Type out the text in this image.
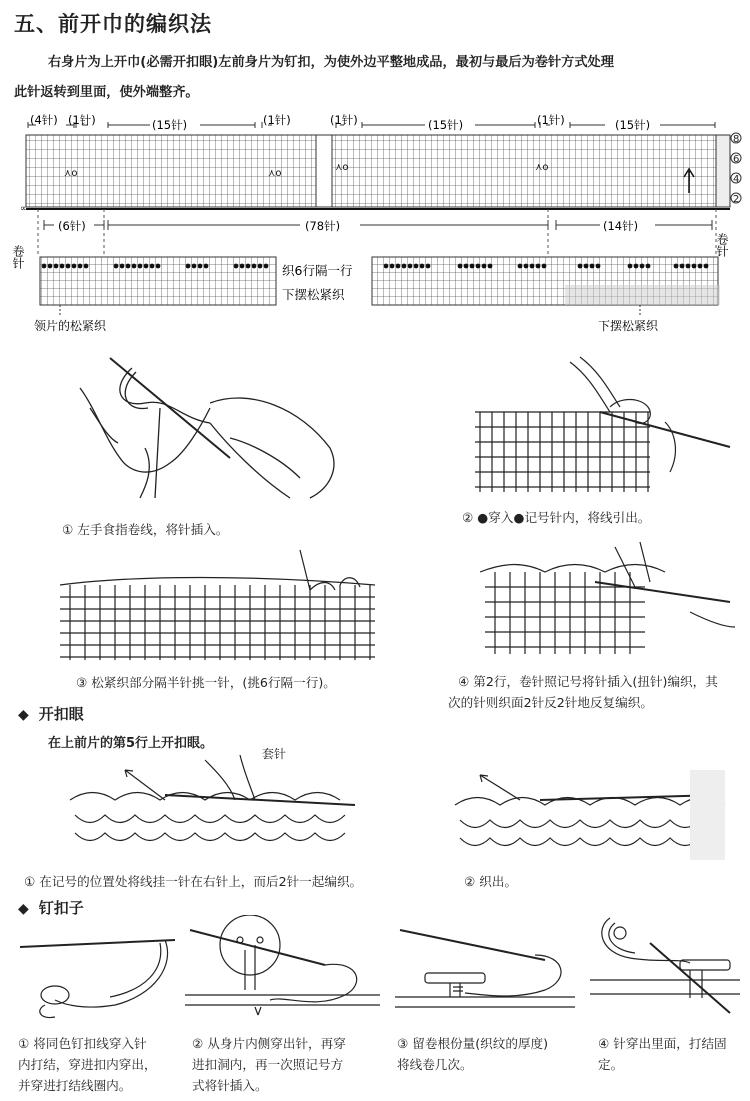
五、前开巾的编织法
右身片为上开巾(必需开扣眼)左前身片为钉扣，为使外边平整地成品，最初与最后为卷针方式处理
此针返转到里面，使外端整齐。
(4针) (1针)	(15针)	(1针)	(1针)	(15针)	(1针)	(15针)
⋏o	⋏o
⋏o	⋏o
∝
8
6
4
2
(6针)	(78针)	(14针)
卷针	卷针
织6行隔一行
下摆松紧织
领片的松紧织	下摆松紧织
① 左手食指卷线，将针插入。
② ●穿入●记号针内，将线引出。
③ 松紧织部分隔半针挑一针，(挑6行隔一行)。	④ 第2行，卷针照记号将针插入(扭针)编织，其
次的针则织面2针反2针地反复编织。
◆ 开扣眼
在上前片的第5行上开扣眼。
套针
① 在记号的位置处将线挂一针在右针上，而后2针一起编织。	② 织出。
◆ 钉扣子
① 将同色钉扣线穿入针
内打结，穿进扣内穿出，
并穿进打结线圈内。
② 从身片内侧穿出针，再穿
进扣洞内，再一次照记号方
式将针插入。
③ 留卷根份量(织纹的厚度)
将线卷几次。
④ 针穿出里面，打结固
定。
